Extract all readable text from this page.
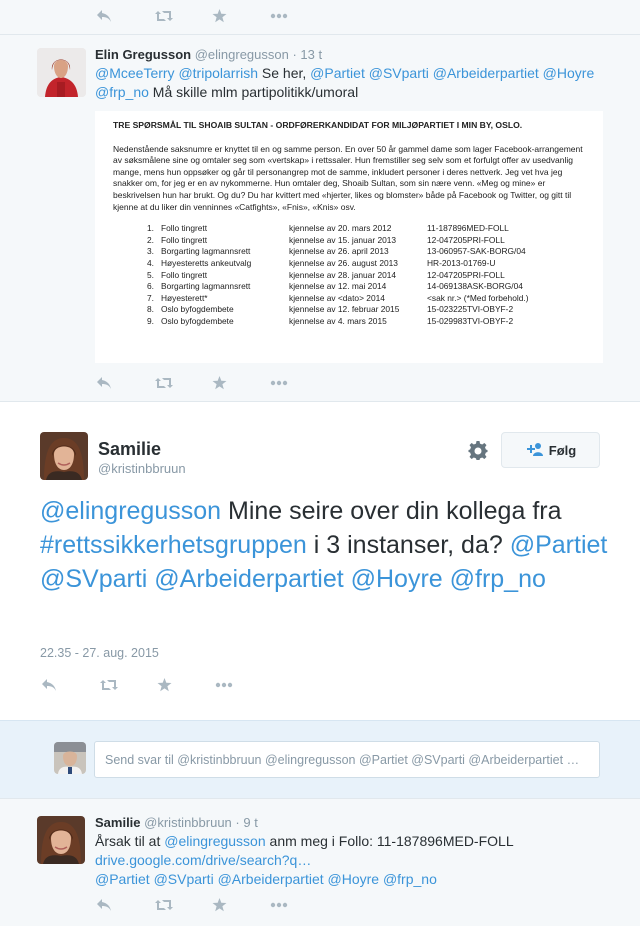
Elin Gregusson @elingregusson · 13 t
@MceeTerry @tripolarrish Se her, @Partiet @SVparti @Arbeiderpartiet @Hoyre
@frp_no Må skille mlm partipolitikk/umoral
TRE SPØRSMÅL TIL SHOAIB SULTAN - ORDFØRERKANDIDAT FOR MILJØPARTIET I MIN BY, OSLO.
Nedenstående saksnumre er knyttet til en og samme person. En over 50 år gammel dame som lager Facebook-arrangement av søksmålene sine og omtaler seg som «vertskap» i rettssaler. Hun fremstiller seg selv som et forfulgt offer av usedvanlig mange, mens hun oppsøker og går til personangrep mot de samme, inkludert personer i deres nettverk. Jeg vet hva jeg snakker om, for jeg er en av nykommerne. Hun omtaler deg, Shoaib Sultan, som sin nære venn. «Meg og mine» er beskrivelsen hun har brukt. Og du? Du har kvittert med «hjerter, likes og blomster» både på Facebook og Twitter, og gitt til kjenne at du liker din venninnes «Catfights», «Fnis», «Knis» osv.
1.	Follo tingrett	kjennelse av 20. mars 2012	11-187896MED-FOLL
2.	Follo tingrett	kjennelse av 15. januar 2013	12-047205PRI-FOLL
3.	Borgarting lagmannsrett	kjennelse av 26. april 2013	13-060957-SAK-BORG/04
4.	Høyesteretts ankeutvalg	kjennelse av 26. august 2013	HR-2013-01769-U
5.	Follo tingrett	kjennelse av 28. januar 2014	12-047205PRI-FOLL
6.	Borgarting lagmannsrett	kjennelse av 12. mai 2014	14-069138ASK-BORG/04
7.	Høyesterett*	kjennelse av <dato> 2014	<sak nr.> (*Med forbehold.)
8.	Oslo byfogdembete	kjennelse av 12. februar 2015	15-023225TVI-OBYF-2
9.	Oslo byfogdembete	kjennelse av 4. mars 2015	15-029983TVI-OBYF-2
Samilie
@kristinbbruun
Følg
@elingregusson Mine seire over din kollega fra #rettssikkerhetsgruppen i 3 instanser, da? @Partiet @SVparti @Arbeiderpartiet @Hoyre @frp_no
22.35 - 27. aug. 2015
Send svar til @kristinbbruun @elingregusson @Partiet @SVparti @Arbeiderpartiet …
Samilie @kristinbbruun · 9 t
Årsak til at @elingregusson anm meg i Follo: 11-187896MED-FOLL
drive.google.com/drive/search?q…
@Partiet @SVparti @Arbeiderpartiet @Hoyre @frp_no
